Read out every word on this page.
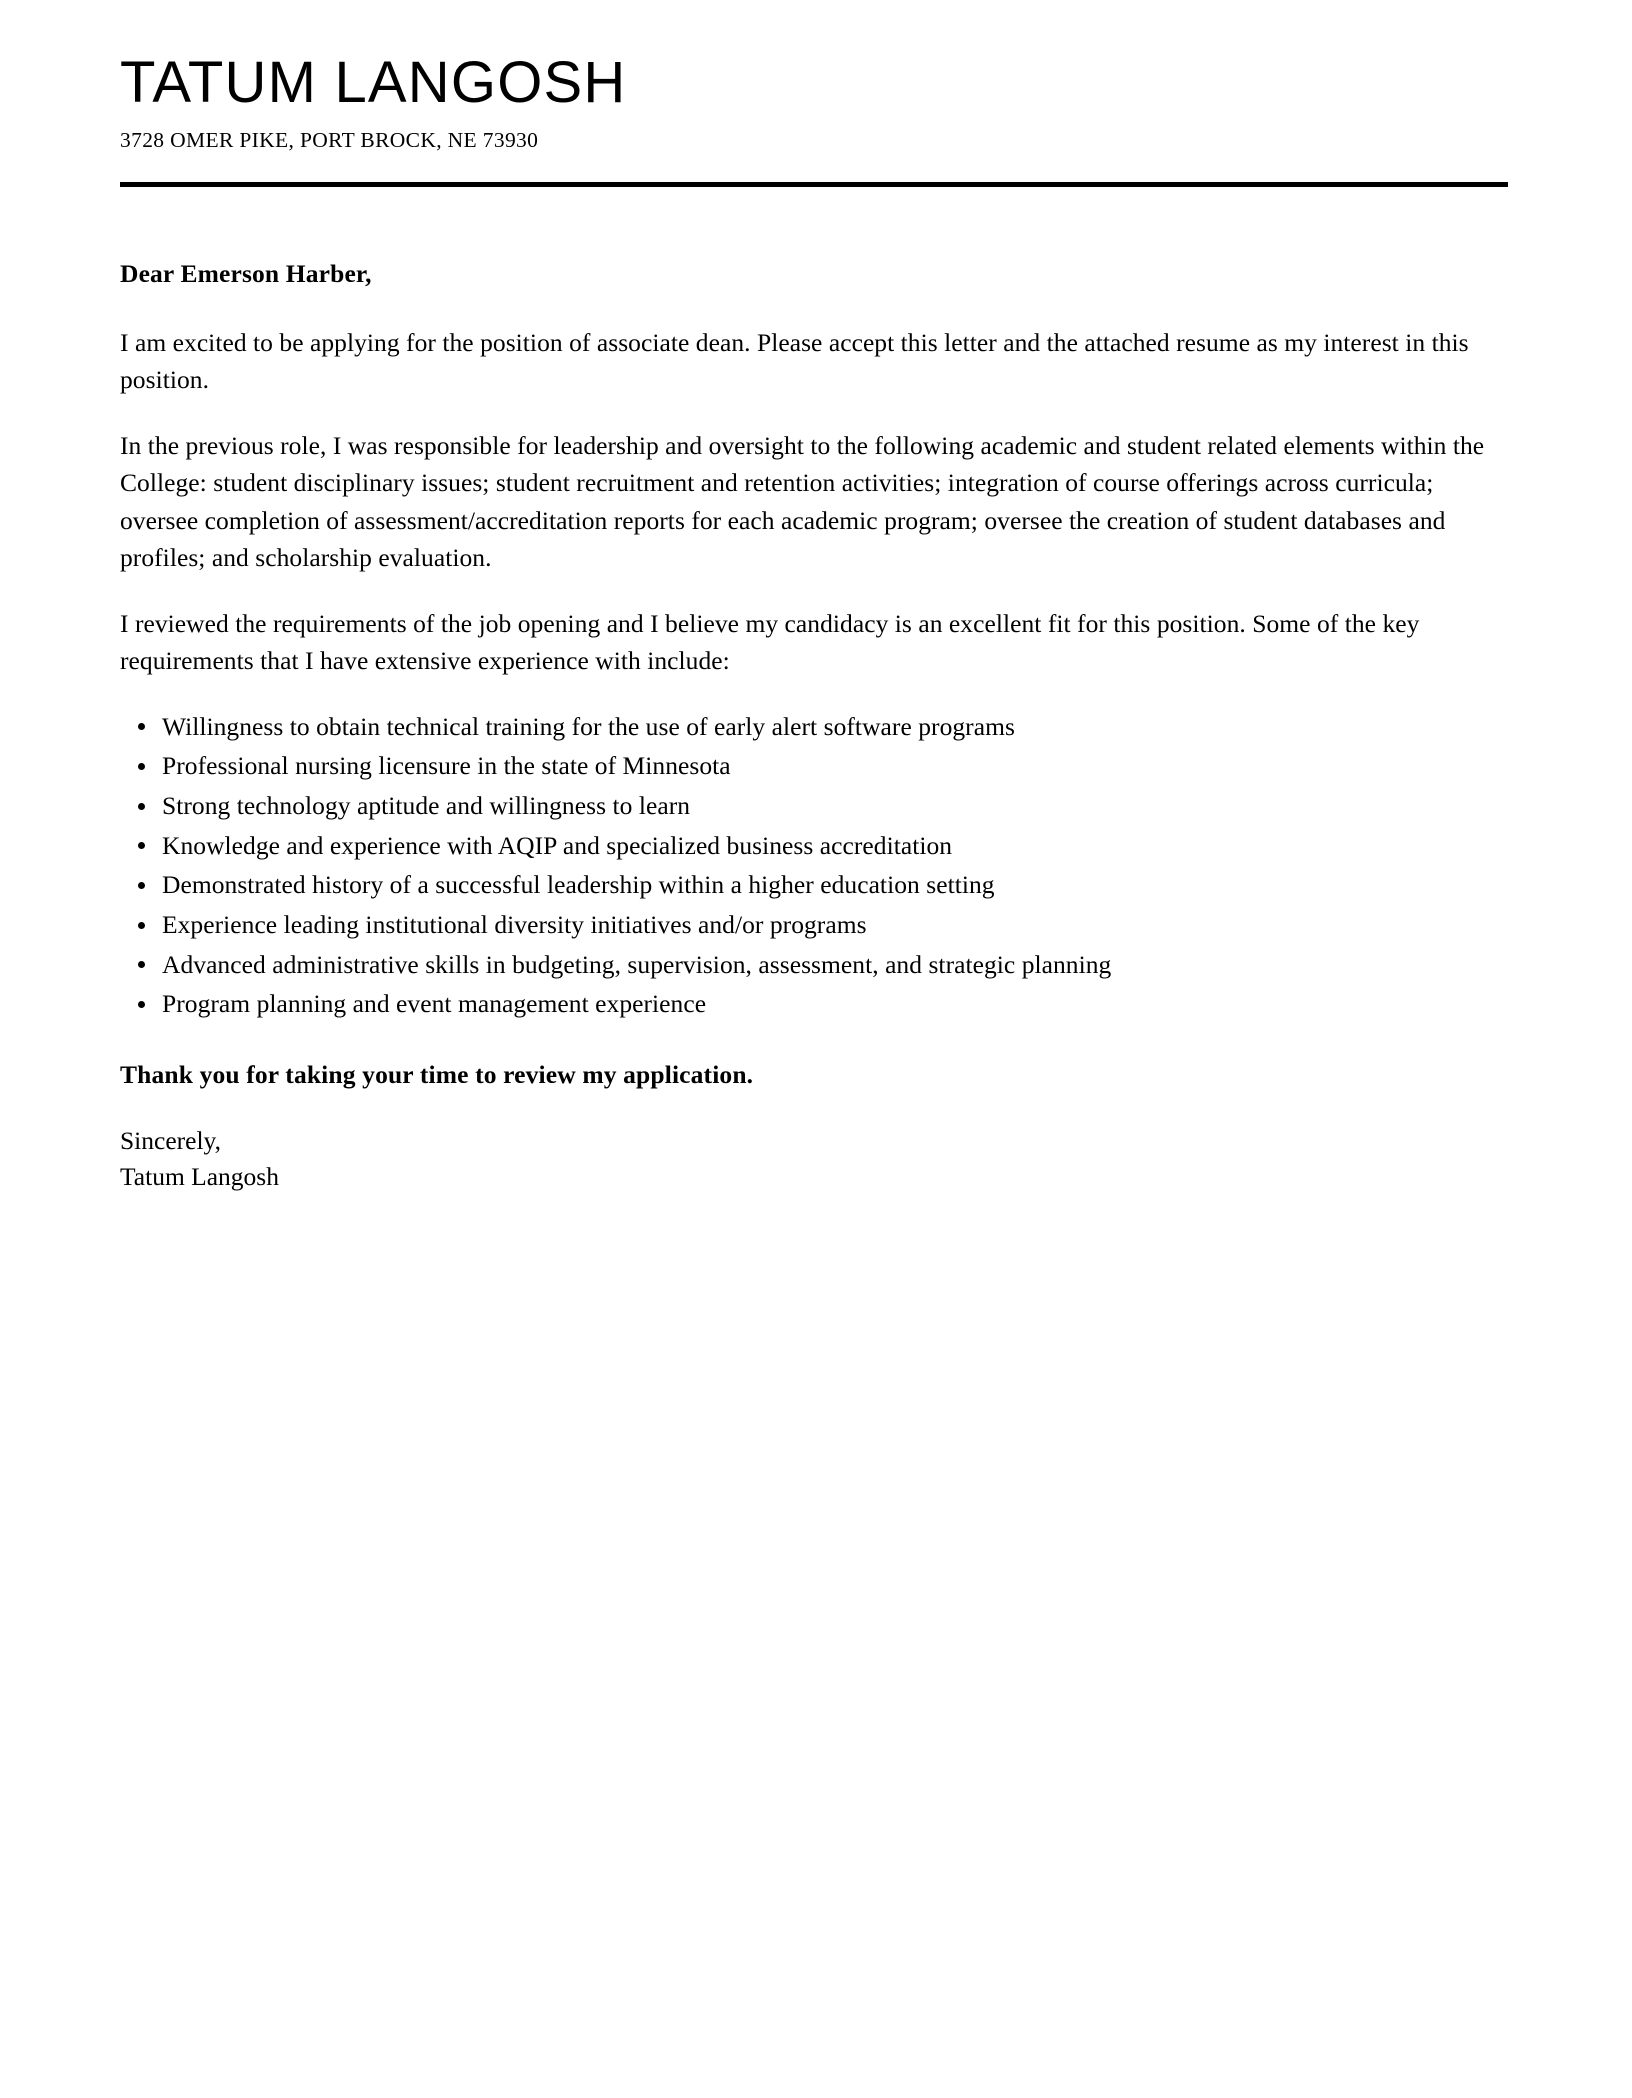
TATUM LANGOSH

3728 OMER PIKE, PORT BROCK, NE 73930

Dear Emerson Harber,

I am excited to be applying for the position of associate dean. Please accept this letter and the attached resume as my interest in this position.

In the previous role, I was responsible for leadership and oversight to the following academic and student related elements within the College: student disciplinary issues; student recruitment and retention activities; integration of course offerings across curricula; oversee completion of assessment/accreditation reports for each academic program; oversee the creation of student databases and profiles; and scholarship evaluation.

I reviewed the requirements of the job opening and I believe my candidacy is an excellent fit for this position. Some of the key requirements that I have extensive experience with include:

Willingness to obtain technical training for the use of early alert software programs
Professional nursing licensure in the state of Minnesota
Strong technology aptitude and willingness to learn
Knowledge and experience with AQIP and specialized business accreditation
Demonstrated history of a successful leadership within a higher education setting
Experience leading institutional diversity initiatives and/or programs
Advanced administrative skills in budgeting, supervision, assessment, and strategic planning
Program planning and event management experience

Thank you for taking your time to review my application.

Sincerely,
Tatum Langosh
